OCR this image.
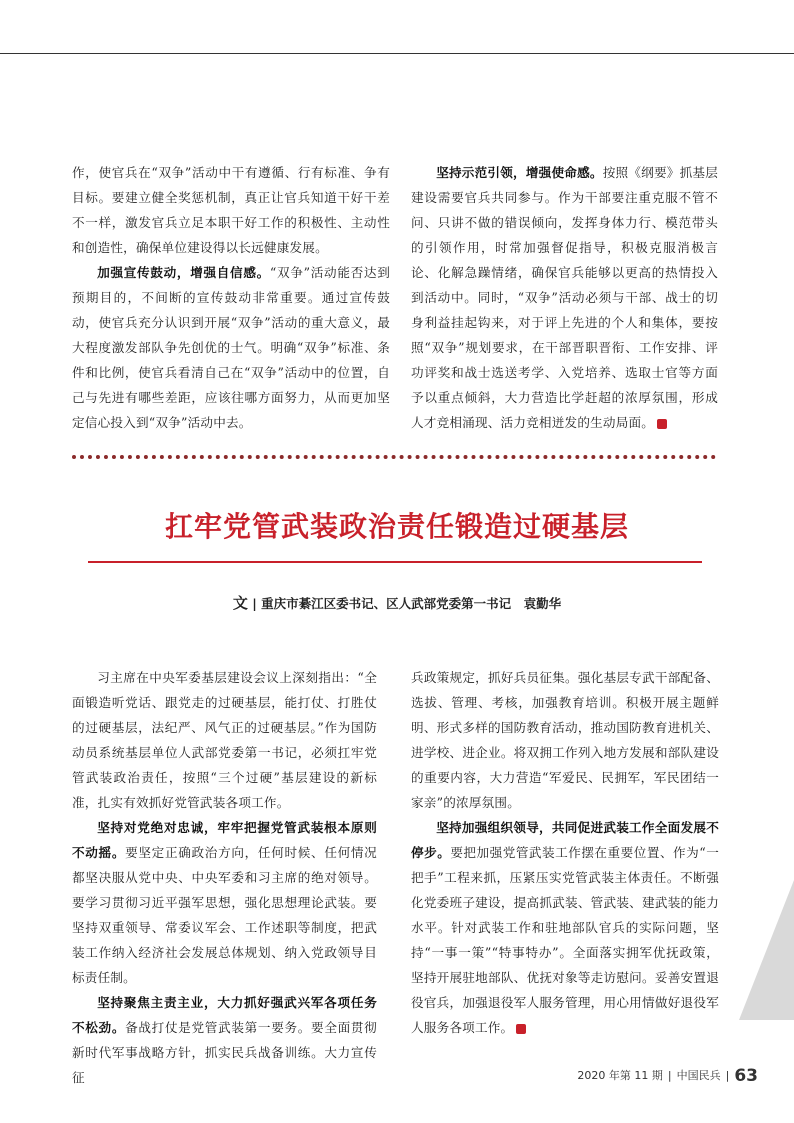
作，使官兵在“双争”活动中干有遵循、行有标准、争有目标。要建立健全奖惩机制，真正让官兵知道干好干差不一样，激发官兵立足本职干好工作的积极性、主动性和创造性，确保单位建设得以长远健康发展。

加强宣传鼓动，增强自信感。“双争”活动能否达到预期目的，不间断的宣传鼓动非常重要。通过宣传鼓动，使官兵充分认识到开展“双争”活动的重大意义，最大程度激发部队争先创优的士气。明确“双争”标准、条件和比例，使官兵看清自己在“双争”活动中的位置，自己与先进有哪些差距，应该往哪方面努力，从而更加坚定信心投入到“双争”活动中去。

坚持示范引领，增强使命感。按照《纲要》抓基层建设需要官兵共同参与。作为干部要注重克服不管不问、只讲不做的错误倾向，发挥身体力行、模范带头的引领作用，时常加强督促指导，积极克服消极言论、化解急躁情绪，确保官兵能够以更高的热情投入到活动中。同时，“双争”活动必须与干部、战士的切身利益挂起钩来，对于评上先进的个人和集体，要按照“双争”规划要求，在干部晋职晋衔、工作安排、评功评奖和战士选送考学、入党培养、选取士官等方面予以重点倾斜，大力营造比学赶超的浓厚氛围，形成人才竞相涌现、活力竞相迸发的生动局面。	兵

扛牢党管武装政治责任锻造过硬基层
文 | 重庆市綦江区委书记、区人武部党委第一书记　袁勤华

习主席在中央军委基层建设会议上深刻指出：“全面锻造听党话、跟党走的过硬基层，能打仗、打胜仗的过硬基层，法纪严、风气正的过硬基层。”作为国防动员系统基层单位人武部党委第一书记，必须扛牢党管武装政治责任，按照“三个过硬”基层建设的新标准，扎实有效抓好党管武装各项工作。

坚持对党绝对忠诚，牢牢把握党管武装根本原则不动摇。要坚定正确政治方向，任何时候、任何情况都坚决服从党中央、中央军委和习主席的绝对领导。要学习贯彻习近平强军思想，强化思想理论武装。要坚持双重领导、常委议军会、工作述职等制度，把武装工作纳入经济社会发展总体规划、纳入党政领导目标责任制。

坚持聚焦主责主业，大力抓好强武兴军各项任务不松劲。备战打仗是党管武装第一要务。要全面贯彻新时代军事战略方针，抓实民兵战备训练。大力宣传征

兵政策规定，抓好兵员征集。强化基层专武干部配备、选拔、管理、考核，加强教育培训。积极开展主题鲜明、形式多样的国防教育活动，推动国防教育进机关、进学校、进企业。将双拥工作列入地方发展和部队建设的重要内容，大力营造“军爱民、民拥军，军民团结一家亲”的浓厚氛围。

坚持加强组织领导，共同促进武装工作全面发展不停步。要把加强党管武装工作摆在重要位置、作为“一把手”工程来抓，压紧压实党管武装主体责任。不断强化党委班子建设，提高抓武装、管武装、建武装的能力水平。针对武装工作和驻地部队官兵的实际问题，坚持“一事一策”“特事特办”。全面落实拥军优抚政策，坚持开展驻地部队、优抚对象等走访慰问。妥善安置退役官兵，加强退役军人服务管理，用心用情做好退役军人服务各项工作。	兵

2020 年第 11 期 | 中国民兵 | 63
